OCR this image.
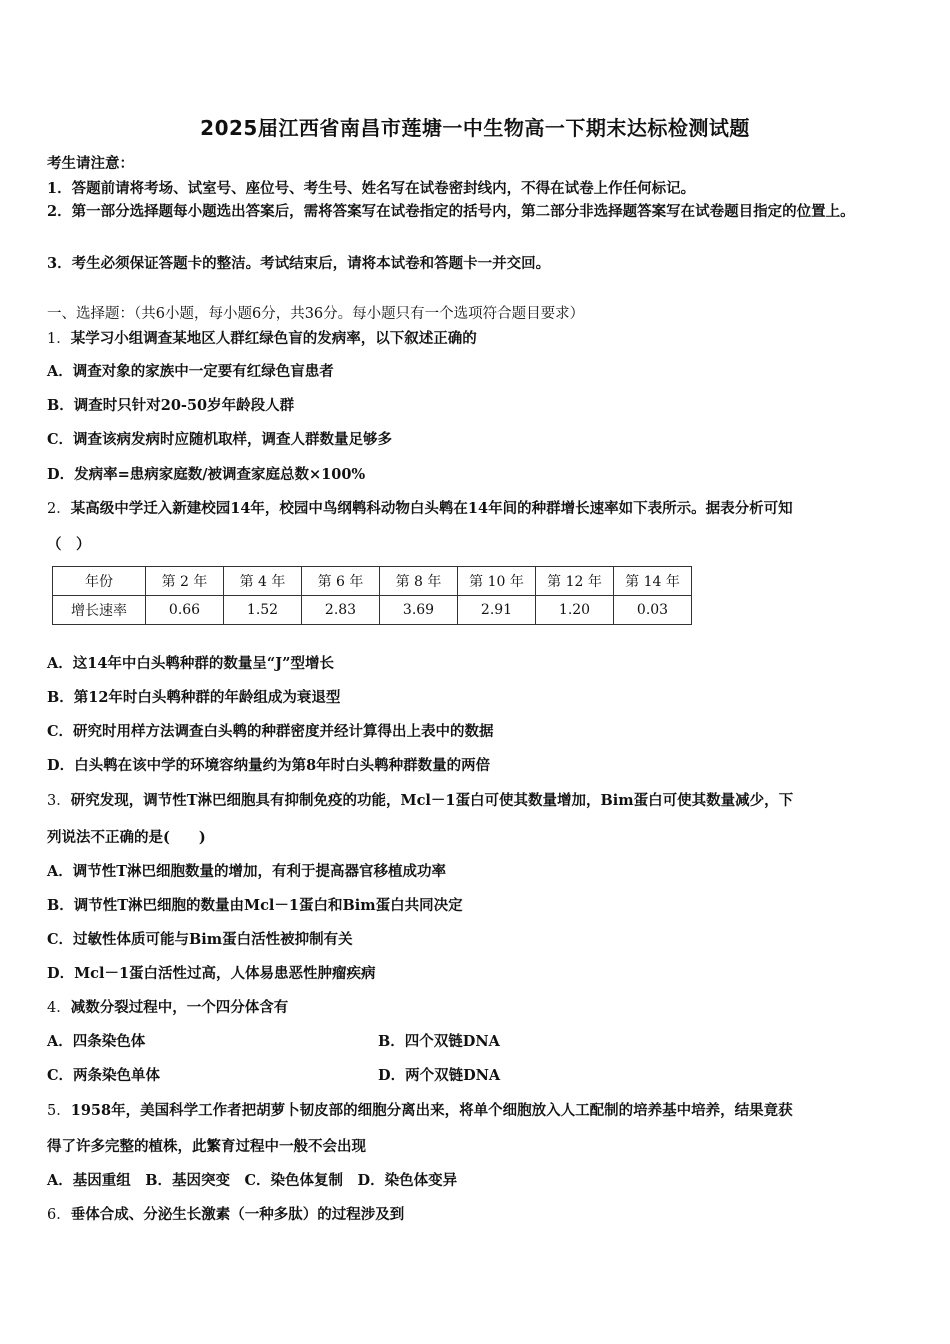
2025届江西省南昌市莲塘一中生物高一下期末达标检测试题
考生请注意：
1．答题前请将考场、试室号、座位号、考生号、姓名写在试卷密封线内，不得在试卷上作任何标记。
2．第一部分选择题每小题选出答案后，需将答案写在试卷指定的括号内，第二部分非选择题答案写在试卷题目指定的位置上。
3．考生必须保证答题卡的整洁。考试结束后，请将本试卷和答题卡一并交回。
一、选择题：（共6小题，每小题6分，共36分。每小题只有一个选项符合题目要求）
1．某学习小组调查某地区人群红绿色盲的发病率，以下叙述正确的
A．调查对象的家族中一定要有红绿色盲患者
B．调查时只针对20-50岁年龄段人群
C．调查该病发病时应随机取样，调查人群数量足够多
D．发病率=患病家庭数/被调查家庭总数×100%
2．某高级中学迁入新建校园14年，校园中鸟纲鹎科动物白头鹎在14年间的种群增长速率如下表所示。据表分析可知
（　）
年份	第 2 年	第 4 年	第 6 年	第 8 年	第 10 年	第 12 年	第 14 年
增长速率	0.66	1.52	2.83	3.69	2.91	1.20	0.03
A．这14年中白头鹎种群的数量呈“J”型增长
B．第12年时白头鹎种群的年龄组成为衰退型
C．研究时用样方法调查白头鹎的种群密度并经计算得出上表中的数据
D．白头鹎在该中学的环境容纳量约为第8年时白头鹎种群数量的两倍
3．研究发现，调节性T淋巴细胞具有抑制免疫的功能，Mcl－1蛋白可使其数量增加，Bim蛋白可使其数量减少，下
列说法不正确的是(　　)
A．调节性T淋巴细胞数量的增加，有利于提高器官移植成功率
B．调节性T淋巴细胞的数量由Mcl－1蛋白和Bim蛋白共同决定
C．过敏性体质可能与Bim蛋白活性被抑制有关
D．Mcl－1蛋白活性过高，人体易患恶性肿瘤疾病
4．减数分裂过程中，一个四分体含有
A．四条染色体	B．四个双链DNA
C．两条染色单体	D．两个双链DNA
5．1958年，美国科学工作者把胡萝卜韧皮部的细胞分离出来，将单个细胞放入人工配制的培养基中培养，结果竟获
得了许多完整的植株，此繁育过程中一般不会出现
A．基因重组　B．基因突变　C．染色体复制　D．染色体变异
6．垂体合成、分泌生长激素（一种多肽）的过程涉及到
